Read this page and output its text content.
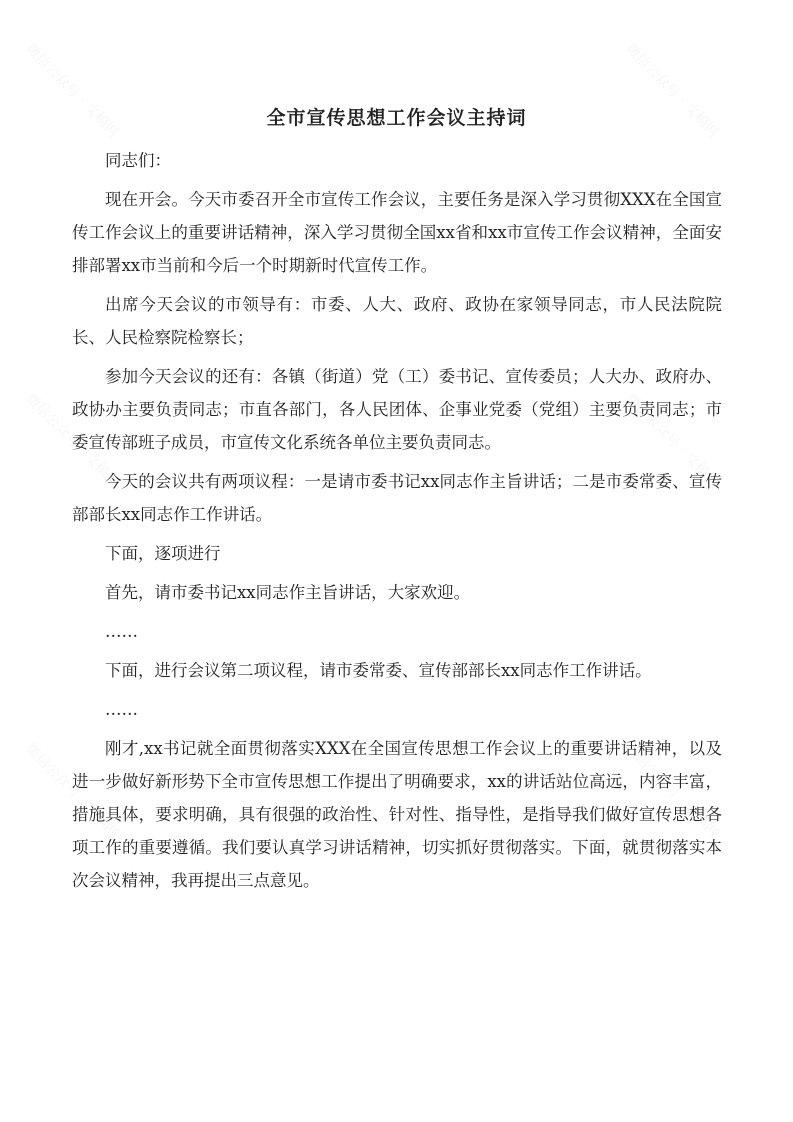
微信公众号 · 文稿网	微信公众号 · 文稿网
微信公众号 · 文稿网	微信公众号 · 文稿网
微信公众号 · 文稿网	微信公众号 · 文稿网
全市宣传思想工作会议主持词

同志们：

现在开会。今天市委召开全市宣传工作会议，主要任务是深入学习贯彻XXX在全国宣传工作会议上的重要讲话精神，深入学习贯彻全国xx省和xx市宣传工作会议精神，全面安排部署xx市当前和今后一个时期新时代宣传工作。

出席今天会议的市领导有：市委、人大、政府、政协在家领导同志，市人民法院院长、人民检察院检察长；

参加今天会议的还有：各镇（街道）党（工）委书记、宣传委员；人大办、政府办、政协办主要负责同志；市直各部门，各人民团体、企事业党委（党组）主要负责同志；市委宣传部班子成员，市宣传文化系统各单位主要负责同志。

今天的会议共有两项议程：一是请市委书记xx同志作主旨讲话；二是市委常委、宣传部部长xx同志作工作讲话。

下面，逐项进行

首先，请市委书记xx同志作主旨讲话，大家欢迎。

……

下面，进行会议第二项议程，请市委常委、宣传部部长xx同志作工作讲话。

……

刚才,xx书记就全面贯彻落实XXX在全国宣传思想工作会议上的重要讲话精神，以及进一步做好新形势下全市宣传思想工作提出了明确要求，xx的讲话站位高远，内容丰富，措施具体，要求明确，具有很强的政治性、针对性、指导性，是指导我们做好宣传思想各项工作的重要遵循。我们要认真学习讲话精神，切实抓好贯彻落实。下面，就贯彻落实本次会议精神，我再提出三点意见。
